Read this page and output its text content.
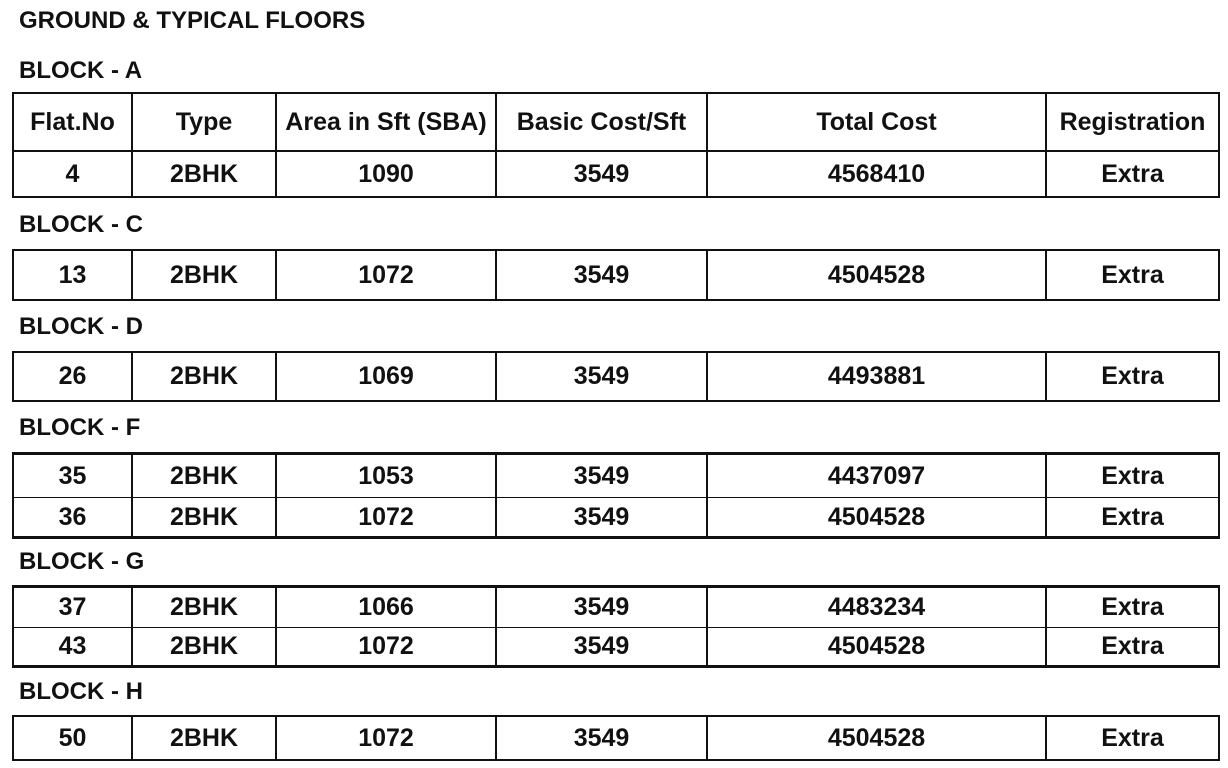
GROUND & TYPICAL FLOORS
BLOCK - A
Flat.No	Type	Area in Sft (SBA)	Basic Cost/Sft	Total Cost	Registration
4	2BHK	1090	3549	4568410	Extra
BLOCK - C
13	2BHK	1072	3549	4504528	Extra
BLOCK - D
26	2BHK	1069	3549	4493881	Extra
BLOCK - F
35	2BHK	1053	3549	4437097	Extra
36	2BHK	1072	3549	4504528	Extra
BLOCK - G
37	2BHK	1066	3549	4483234	Extra
43	2BHK	1072	3549	4504528	Extra
BLOCK - H
50	2BHK	1072	3549	4504528	Extra
